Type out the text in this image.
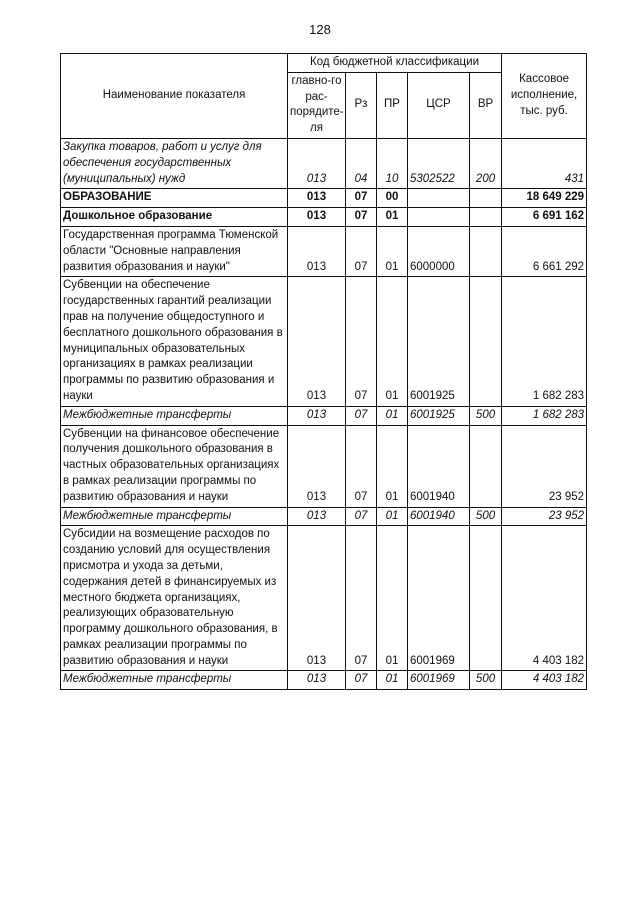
128
Наименование показателя	Код бюджетной классификации					Кассовое исполнение, тыс. руб.
	главно-го рас-порядите-ля	Рз	ПР	ЦСР	ВР	
Закупка товаров, работ и услуг для обеспечения государственных (муниципальных) нужд	013	04	10	5302522	200	431
ОБРАЗОВАНИЕ	013	07	00			18 649 229
Дошкольное образование	013	07	01			6 691 162
Государственная программа Тюменской области "Основные направления развития образования и науки"	013	07	01	6000000		6 661 292
Субвенции на обеспечение государственных гарантий реализации прав на получение общедоступного и бесплатного дошкольного образования в муниципальных образовательных организациях в рамках реализации программы по развитию образования и науки	013	07	01	6001925		1 682 283
Межбюджетные трансферты	013	07	01	6001925	500	1 682 283
Субвенции на финансовое обеспечение получения дошкольного образования в частных образовательных организациях в рамках реализации программы по развитию образования и науки	013	07	01	6001940		23 952
Межбюджетные трансферты	013	07	01	6001940	500	23 952
Субсидии на возмещение расходов по созданию условий для осуществления присмотра и ухода за детьми, содержания детей в финансируемых из местного бюджета организациях, реализующих образовательную программу дошкольного образования, в рамках реализации программы по развитию образования и науки	013	07	01	6001969		4 403 182
Межбюджетные трансферты	013	07	01	6001969	500	4 403 182
